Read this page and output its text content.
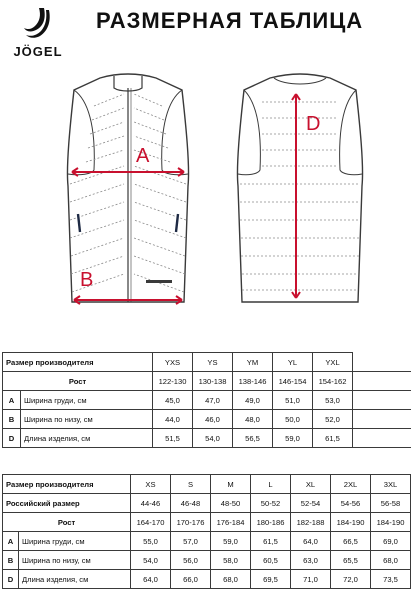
JÖGEL
РАЗМЕРНАЯ ТАБЛИЦА
A
B
D
Размер производителя		YXS	YS	YM	YL	YXL	
Рост		122-130	130-138	138-146	146-154	154-162	
A	Ширина груди, см	45,0	47,0	49,0	51,0	53,0	
B	Ширина по низу, см	44,0	46,0	48,0	50,0	52,0	
D	Длина изделия, см	51,5	54,0	56,5	59,0	61,5	
Размер производителя		XS	S	M	L	XL	2XL	3XL
Российский размер		44-46	46-48	48-50	50-52	52-54	54-56	56-58
Рост		164-170	170-176	176-184	180-186	182-188	184-190	184-190
A	Ширина груди, см	55,0	57,0	59,0	61,5	64,0	66,5	69,0
B	Ширина по низу, см	54,0	56,0	58,0	60,5	63,0	65,5	68,0
D	Длина изделия, см	64,0	66,0	68,0	69,5	71,0	72,0	73,5
